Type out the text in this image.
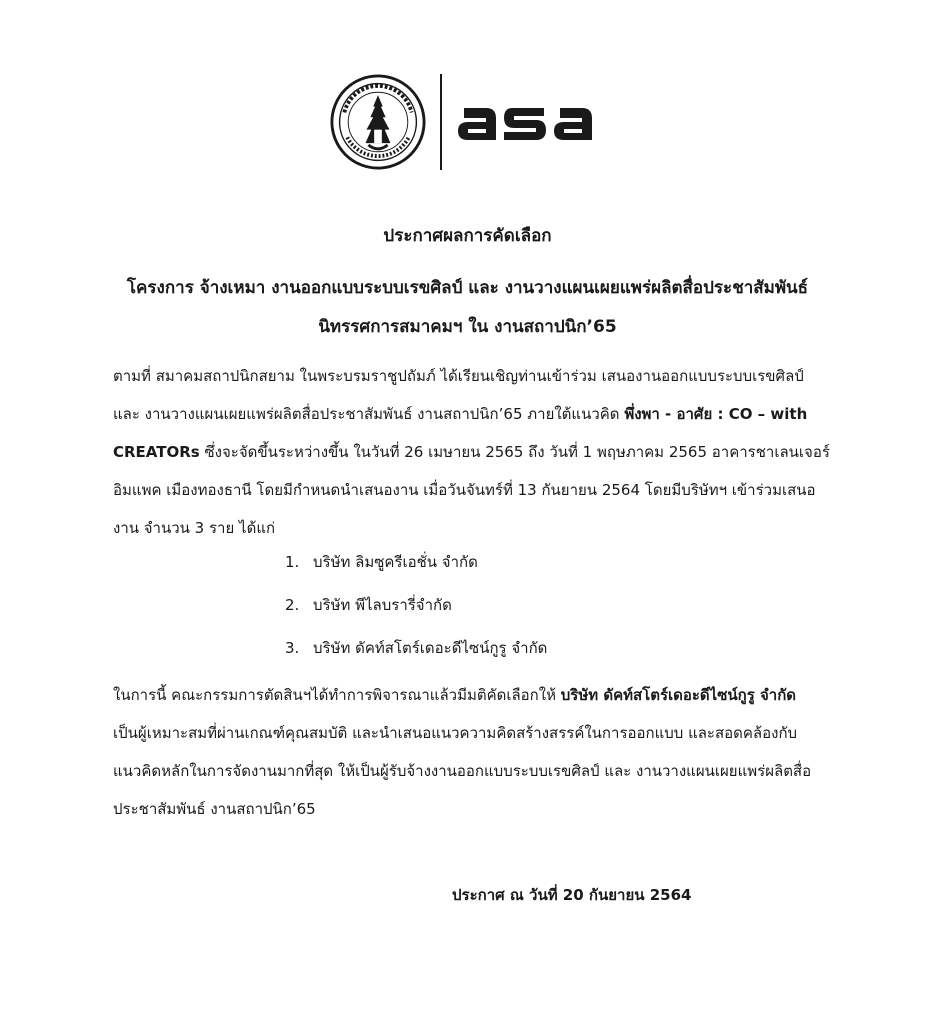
ประกาศผลการคัดเลือก
โครงการ จ้างเหมา งานออกแบบระบบเรขศิลป์ และ งานวางแผนเผยแพร่ผลิตสื่อประชาสัมพันธ์
นิทรรศการสมาคมฯ ใน งานสถาปนิก’65
ตามที่ สมาคมสถาปนิกสยาม ในพระบรมราชูปถัมภ์ ได้เรียนเชิญท่านเข้าร่วม เสนองานออกแบบระบบเรขศิลป์
และ งานวางแผนเผยแพร่ผลิตสื่อประชาสัมพันธ์ งานสถาปนิก’65 ภายใต้แนวคิด พึ่งพา - อาศัย : CO – with
CREATORs ซึ่งจะจัดขึ้นระหว่างขึ้น ในวันที่ 26 เมษายน 2565 ถึง วันที่ 1 พฤษภาคม 2565 อาคารชาเลนเจอร์
อิมแพค เมืองทองธานี โดยมีกำหนดนำเสนองาน เมื่อวันจันทร์ที่ 13 กันยายน 2564 โดยมีบริษัทฯ เข้าร่วมเสนอ
งาน จำนวน 3 ราย ได้แก่
1. บริษัท ลิมซูครีเอชั่น จำกัด
2. บริษัท พีไลบรารี่จำกัด
3. บริษัท ดัคท์สโตร์เดอะดีไซน์กูรู จำกัด
ในการนี้ คณะกรรมการตัดสินฯได้ทำการพิจารณาแล้วมีมติคัดเลือกให้ บริษัท ดัคท์สโตร์เดอะดีไซน์กูรู จำกัด
เป็นผู้เหมาะสมที่ผ่านเกณฑ์คุณสมบัติ และนำเสนอแนวความคิดสร้างสรรค์ในการออกแบบ และสอดคล้องกับ
แนวคิดหลักในการจัดงานมากที่สุด ให้เป็นผู้รับจ้างงานออกแบบระบบเรขศิลป์ และ งานวางแผนเผยแพร่ผลิตสื่อ
ประชาสัมพันธ์ งานสถาปนิก’65
ประกาศ ณ วันที่ 20 กันยายน 2564
